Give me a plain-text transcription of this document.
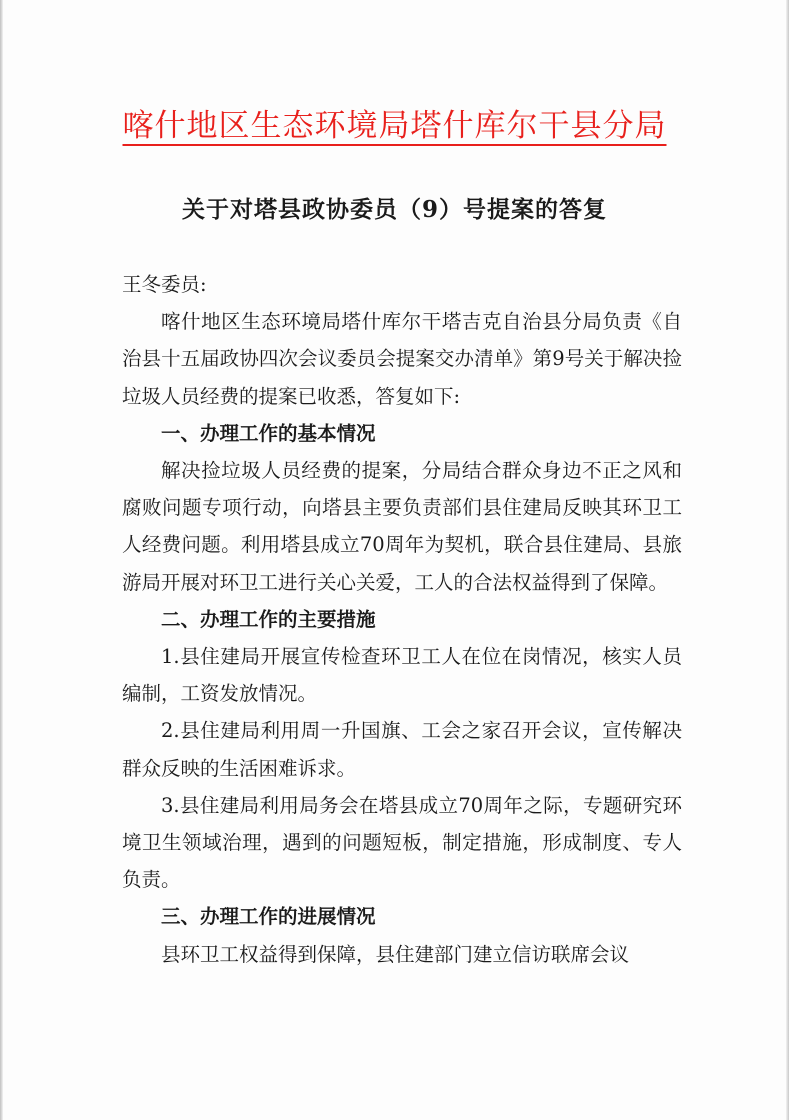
喀什地区生态环境局塔什库尔干县分局
关于对塔县政协委员（9）号提案的答复

王冬委员:

喀什地区生态环境局塔什库尔干塔吉克自治县分局负责《自治县十五届政协四次会议委员会提案交办清单》第9号关于解决捡垃圾人员经费的提案已收悉，答复如下:

一、办理工作的基本情况

解决捡垃圾人员经费的提案，分局结合群众身边不正之风和腐败问题专项行动，向塔县主要负责部们县住建局反映其环卫工人经费问题。利用塔县成立70周年为契机，联合县住建局、县旅游局开展对环卫工进行关心关爱，工人的合法权益得到了保障。

二、办理工作的主要措施

1.县住建局开展宣传检查环卫工人在位在岗情况，核实人员编制，工资发放情况。

2.县住建局利用周一升国旗、工会之家召开会议，宣传解决群众反映的生活困难诉求。

3.县住建局利用局务会在塔县成立70周年之际，专题研究环境卫生领域治理，遇到的问题短板，制定措施，形成制度、专人负责。

三、办理工作的进展情况

县环卫工权益得到保障，县住建部门建立信访联席会议
